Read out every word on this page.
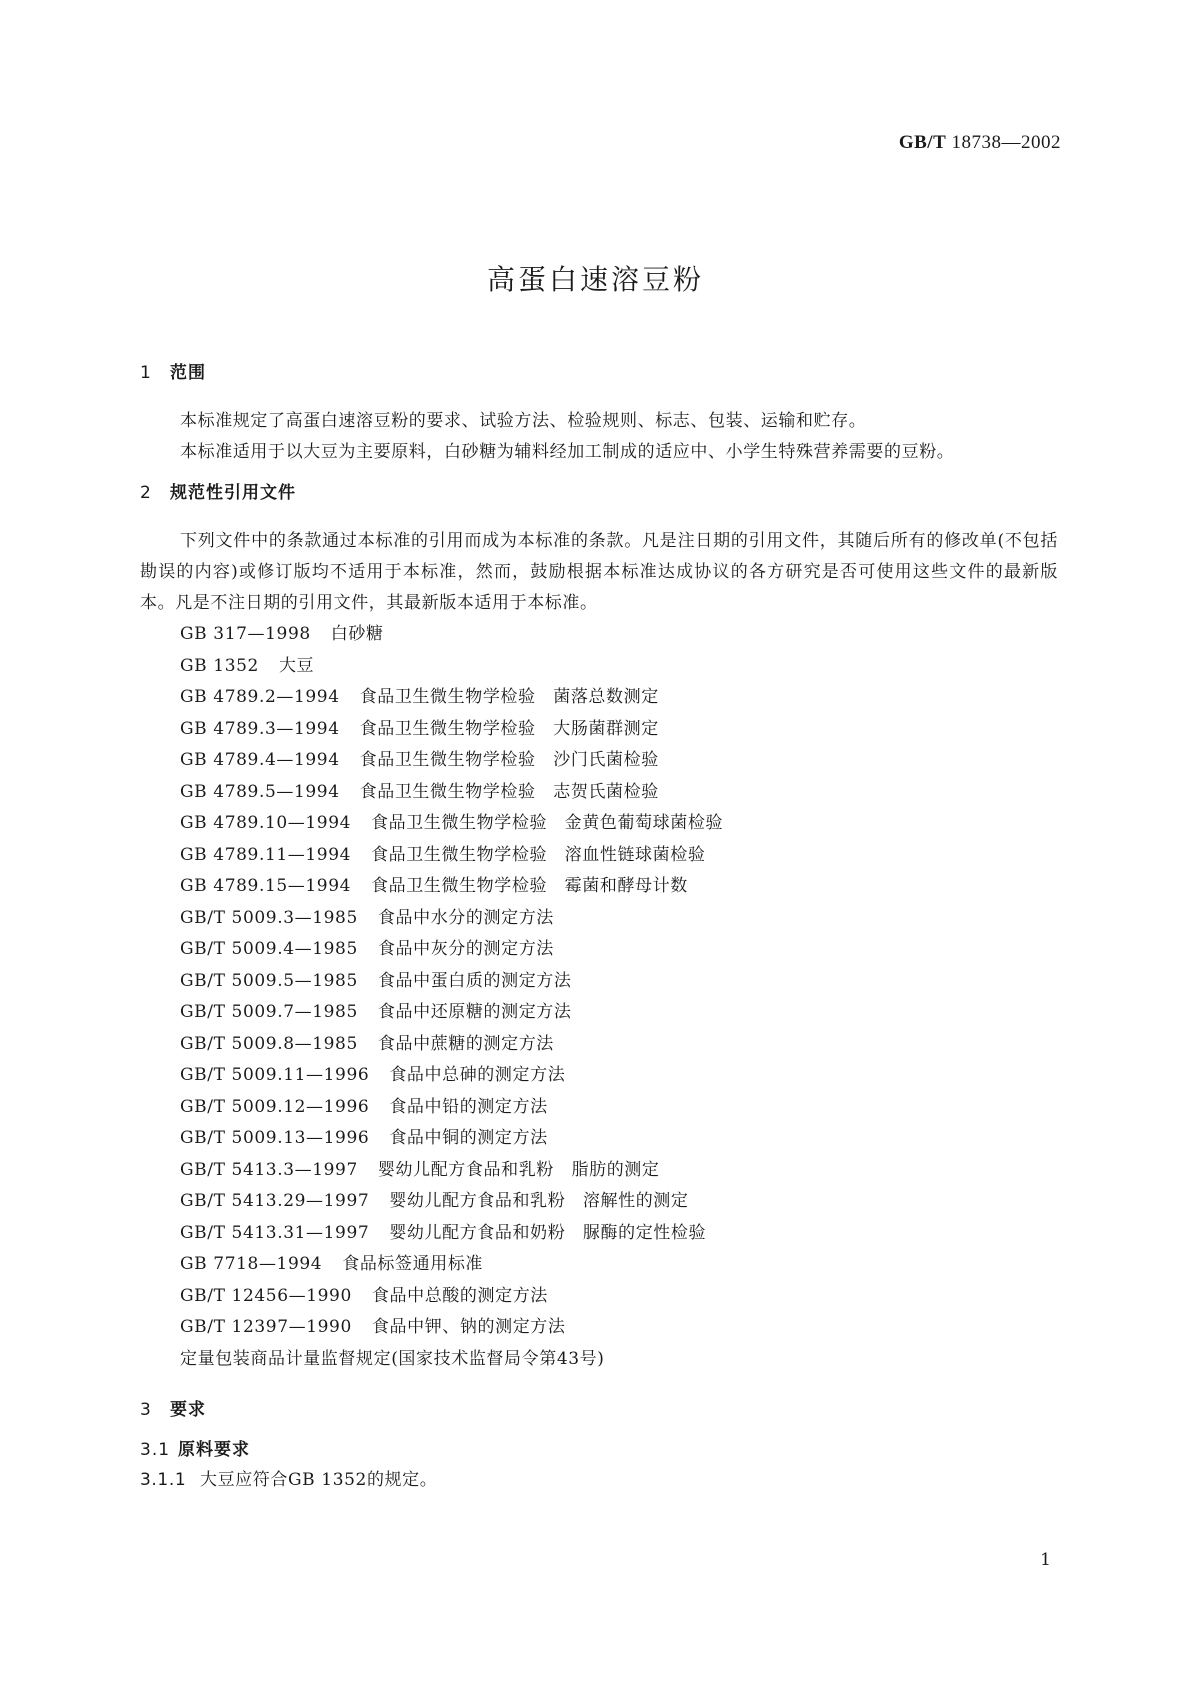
GB/T 18738—2002
高蛋白速溶豆粉
1 范围

本标准规定了高蛋白速溶豆粉的要求、试验方法、检验规则、标志、包装、运输和贮存。

本标准适用于以大豆为主要原料，白砂糖为辅料经加工制成的适应中、小学生特殊营养需要的豆粉。

2 规范性引用文件

下列文件中的条款通过本标准的引用而成为本标准的条款。凡是注日期的引用文件，其随后所有的修改单(不包括勘误的内容)或修订版均不适用于本标准，然而，鼓励根据本标准达成协议的各方研究是否可使用这些文件的最新版本。凡是不注日期的引用文件，其最新版本适用于本标准。

GB 317—1998 白砂糖

GB 1352 大豆

GB 4789.2—1994 食品卫生微生物学检验　菌落总数测定

GB 4789.3—1994 食品卫生微生物学检验　大肠菌群测定

GB 4789.4—1994 食品卫生微生物学检验　沙门氏菌检验

GB 4789.5—1994 食品卫生微生物学检验　志贺氏菌检验

GB 4789.10—1994 食品卫生微生物学检验　金黄色葡萄球菌检验

GB 4789.11—1994 食品卫生微生物学检验　溶血性链球菌检验

GB 4789.15—1994 食品卫生微生物学检验　霉菌和酵母计数

GB/T 5009.3—1985 食品中水分的测定方法

GB/T 5009.4—1985 食品中灰分的测定方法

GB/T 5009.5—1985 食品中蛋白质的测定方法

GB/T 5009.7—1985 食品中还原糖的测定方法

GB/T 5009.8—1985 食品中蔗糖的测定方法

GB/T 5009.11—1996 食品中总砷的测定方法

GB/T 5009.12—1996 食品中铅的测定方法

GB/T 5009.13—1996 食品中铜的测定方法

GB/T 5413.3—1997 婴幼儿配方食品和乳粉　脂肪的测定

GB/T 5413.29—1997 婴幼儿配方食品和乳粉　溶解性的测定

GB/T 5413.31—1997 婴幼儿配方食品和奶粉　脲酶的定性检验

GB 7718—1994 食品标签通用标准

GB/T 12456—1990 食品中总酸的测定方法

GB/T 12397—1990 食品中钾、钠的测定方法

定量包装商品计量监督规定(国家技术监督局令第43号)

3 要求
3.1 原料要求

3.1.1 大豆应符合GB 1352的规定。

1
